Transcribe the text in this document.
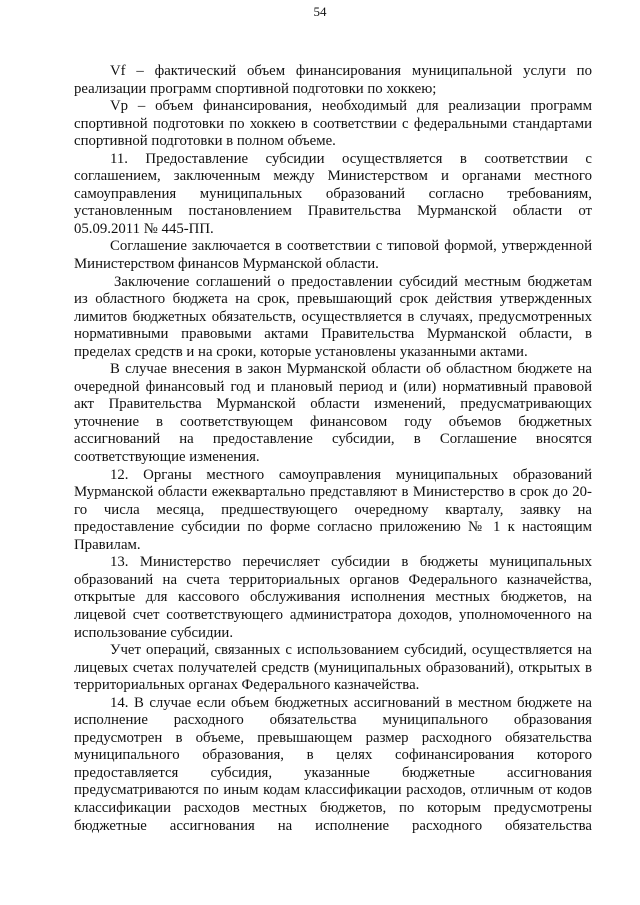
54

Vf – фактический объем финансирования муниципальной услуги по реализации программ спортивной подготовки по хоккею;

Vp – объем финансирования, необходимый для реализации программ спортивной подготовки по хоккею в соответствии с федеральными стандартами спортивной подготовки в полном объеме.

11. Предоставление субсидии осуществляется в соответствии с соглашением, заключенным между Министерством и органами местного самоуправления муниципальных образований согласно требованиям, установленным постановлением Правительства Мурманской области от 05.09.2011 № 445-ПП.

Соглашение заключается в соответствии с типовой формой, утвержденной Министерством финансов Мурманской области.

Заключение соглашений о предоставлении субсидий местным бюджетам из областного бюджета на срок, превышающий срок действия утвержденных лимитов бюджетных обязательств, осуществляется в случаях, предусмотренных нормативными правовыми актами Правительства Мурманской области, в пределах средств и на сроки, которые установлены указанными актами.

В случае внесения в закон Мурманской области об областном бюджете на очередной финансовый год и плановый период и (или) нормативный правовой акт Правительства Мурманской области изменений, предусматривающих уточнение в соответствующем финансовом году объемов бюджетных ассигнований на предоставление субсидии, в Соглашение вносятся соответствующие изменения.

12. Органы местного самоуправления муниципальных образований Мурманской области ежеквартально представляют в Министерство в срок до 20-го числа месяца, предшествующего очередному кварталу, заявку на предоставление субсидии по форме согласно приложению № 1 к настоящим Правилам.

13. Министерство перечисляет субсидии в бюджеты муниципальных образований на счета территориальных органов Федерального казначейства, открытые для кассового обслуживания исполнения местных бюджетов, на лицевой счет соответствующего администратора доходов, уполномоченного на использование субсидии.

Учет операций, связанных с использованием субсидий, осуществляется на лицевых счетах получателей средств (муниципальных образований), открытых в территориальных органах Федерального казначейства.

14. В случае если объем бюджетных ассигнований в местном бюджете на исполнение расходного обязательства муниципального образования предусмотрен в объеме, превышающем размер расходного обязательства муниципального образования, в целях софинансирования которого предоставляется субсидия, указанные бюджетные ассигнования предусматриваются по иным кодам классификации расходов, отличным от кодов классификации расходов местных бюджетов, по которым предусмотрены бюджетные ассигнования на исполнение расходного обязательства
